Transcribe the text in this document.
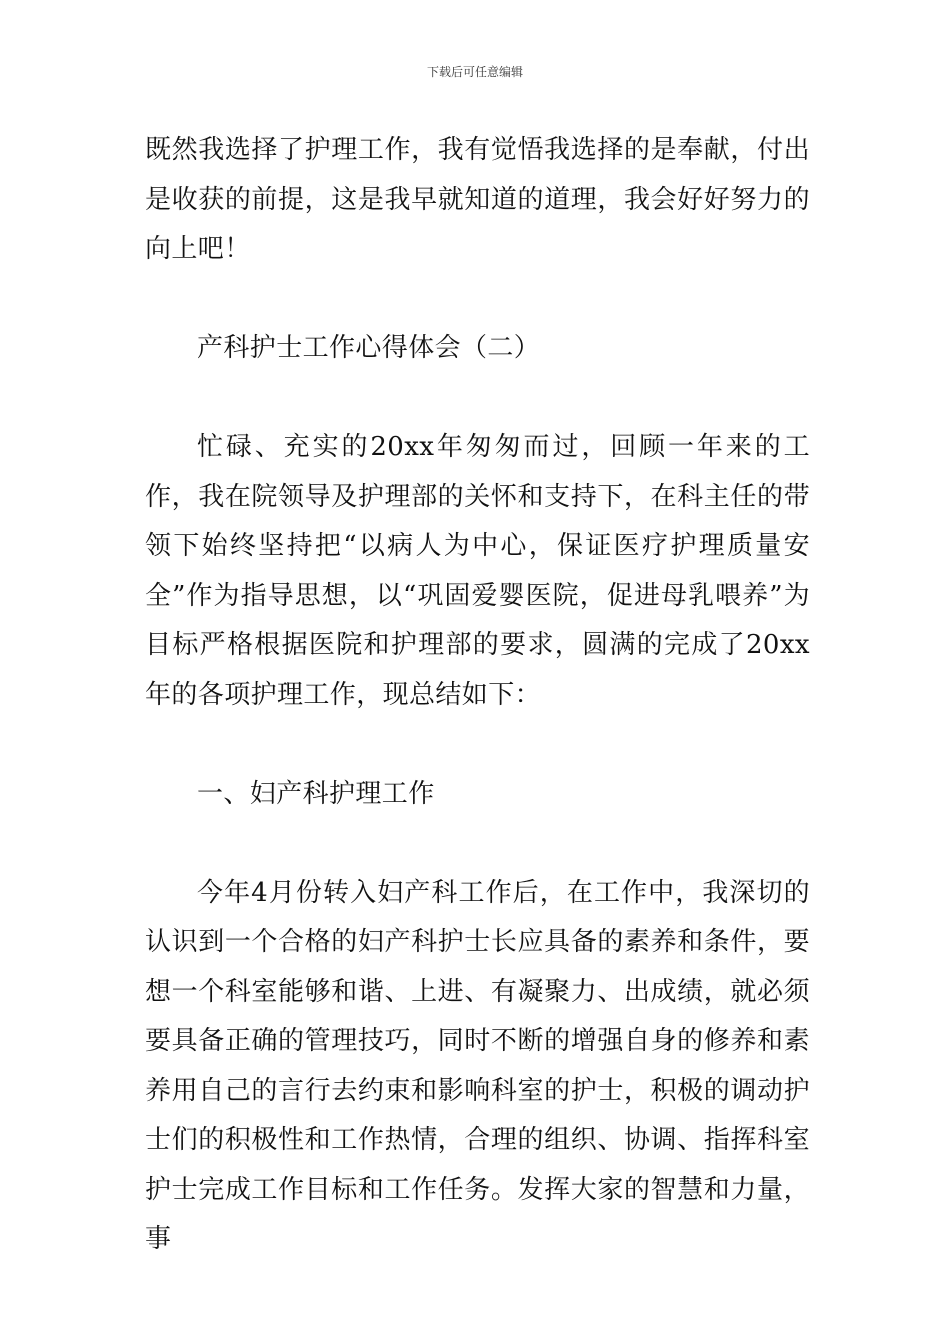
下载后可任意编辑

既然我选择了护理工作，我有觉悟我选择的是奉献，付出是收获的前提，这是我早就知道的道理，我会好好努力的向上吧！

产科护士工作心得体会（二）

忙碌、充实的20xx年匆匆而过，回顾一年来的工作，我在院领导及护理部的关怀和支持下，在科主任的带领下始终坚持把“以病人为中心，保证医疗护理质量安全”作为指导思想，以“巩固爱婴医院，促进母乳喂养”为目标严格根据医院和护理部的要求，圆满的完成了20xx年的各项护理工作，现总结如下：

一、妇产科护理工作

今年4月份转入妇产科工作后，在工作中，我深切的认识到一个合格的妇产科护士长应具备的素养和条件，要想一个科室能够和谐、上进、有凝聚力、出成绩，就必须要具备正确的管理技巧，同时不断的增强自身的修养和素养用自己的言行去约束和影响科室的护士，积极的调动护士们的积极性和工作热情，合理的组织、协调、指挥科室护士完成工作目标和工作任务。发挥大家的智慧和力量，事
